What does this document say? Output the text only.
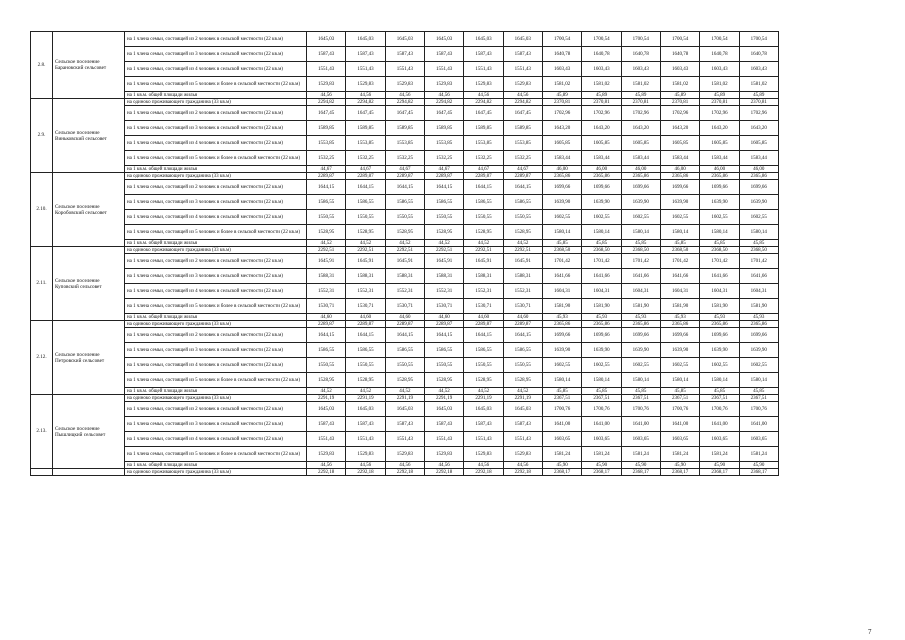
2.8.	Сельское поселение Барановский сельсовет	на 1 члена семьи, состоящей из 2 человек в сельской местности (22 кв.м)	1645,03	1645,03	1645,03	1645,03	1645,03	1645,03	1700,54	1700,54	1700,54	1700,54	1700,54	1700,54
		на 1 члена семьи, состоящей из 3 человек в сельской местности (22 кв.м)	1587,43	1587,43	1587,43	1587,43	1587,43	1587,43	1640,78	1640,78	1640,78	1640,78	1640,78	1640,78
		на 1 члена семьи, состоящей из 4 человек в сельской местности (22 кв.м)	1551,43	1551,43	1551,43	1551,43	1551,43	1551,43	1603,43	1603,43	1603,43	1603,43	1603,43	1603,43
		на 1 члена семьи, состоящей из 5 человек и более в сельской местности (22 кв.м)	1529,83	1529,83	1529,83	1529,83	1529,83	1529,83	1581,02	1581,02	1581,02	1581,02	1581,02	1581,02
		на 1 кв.м. общей площади жилья	44,56	44,56	44,56	44,56	44,56	44,56	45,89	45,89	45,89	45,89	45,89	45,89
2.9.	Сельское поселение Виньковский сельсовет	на одиноко проживающего гражданина (33 кв.м)	2294,82	2294,82	2294,82	2294,82	2294,82	2294,82	2370,81	2370,81	2370,81	2370,81	2370,81	2370,81
		на 1 члена семьи, состоящей из 2 человек в сельской местности (22 кв.м)	1647,45	1647,45	1647,45	1647,45	1647,45	1647,45	1702,96	1702,96	1702,96	1702,96	1702,96	1702,96
		на 1 члена семьи, состоящей из 3 человек в сельской местности (22 кв.м)	1589,85	1589,85	1589,85	1589,85	1589,85	1589,85	1643,20	1643,20	1643,20	1643,20	1643,20	1643,20
		на 1 члена семьи, состоящей из 4 человек в сельской местности (22 кв.м)	1553,85	1553,85	1553,85	1553,85	1553,85	1553,85	1605,85	1605,85	1605,85	1605,85	1605,85	1605,85
		на 1 члена семьи, состоящей из 5 человек и более в сельской местности (22 кв.м)	1532,25	1532,25	1532,25	1532,25	1532,25	1532,25	1583,44	1583,44	1583,44	1583,44	1583,44	1583,44
		на 1 кв.м. общей площади жилья	44,67	44,67	44,67	44,67	44,67	44,67	46,00	46,00	46,00	46,00	46,00	46,00
2.10.	Сельское поселение Коробовский сельсовет	на одиноко проживающего гражданина (33 кв.м)	2289,87	2289,87	2289,87	2289,87	2289,87	2289,87	2365,86	2365,86	2365,86	2365,86	2365,86	2365,86
		на 1 члена семьи, состоящей из 2 человек в сельской местности (22 кв.м)	1644,15	1644,15	1644,15	1644,15	1644,15	1644,15	1699,66	1699,66	1699,66	1699,66	1699,66	1699,66
		на 1 члена семьи, состоящей из 3 человек в сельской местности (22 кв.м)	1586,55	1586,55	1586,55	1586,55	1586,55	1586,55	1639,90	1639,90	1639,90	1639,90	1639,90	1639,90
		на 1 члена семьи, состоящей из 4 человек в сельской местности (22 кв.м)	1550,55	1550,55	1550,55	1550,55	1550,55	1550,55	1602,55	1602,55	1602,55	1602,55	1602,55	1602,55
		на 1 члена семьи, состоящей из 5 человек и более в сельской местности (22 кв.м)	1528,95	1528,95	1528,95	1528,95	1528,95	1528,95	1580,14	1580,14	1580,14	1580,14	1580,14	1580,14
		на 1 кв.м. общей площади жилья	44,52	44,52	44,52	44,52	44,52	44,52	45,85	45,85	45,85	45,85	45,85	45,85
2.11.	Сельское поселение Куповский сельсовет	на одиноко проживающего гражданина (33 кв.м)	2292,51	2292,51	2292,51	2292,51	2292,51	2292,51	2368,50	2368,50	2368,50	2368,50	2368,50	2368,50
		на 1 члена семьи, состоящей из 2 человек в сельской местности (22 кв.м)	1645,91	1645,91	1645,91	1645,91	1645,91	1645,91	1701,42	1701,42	1701,42	1701,42	1701,42	1701,42
		на 1 члена семьи, состоящей из 3 человек в сельской местности (22 кв.м)	1588,31	1588,31	1588,31	1588,31	1588,31	1588,31	1641,66	1641,66	1641,66	1641,66	1641,66	1641,66
		на 1 члена семьи, состоящей из 4 человек в сельской местности (22 кв.м)	1552,31	1552,31	1552,31	1552,31	1552,31	1552,31	1604,31	1604,31	1604,31	1604,31	1604,31	1604,31
		на 1 члена семьи, состоящей из 5 человек и более в сельской местности (22 кв.м)	1530,71	1530,71	1530,71	1530,71	1530,71	1530,71	1581,90	1581,90	1581,90	1581,90	1581,90	1581,90
		на 1 кв.м. общей площади жилья	44,60	44,60	44,60	44,60	44,60	44,60	45,93	45,93	45,93	45,93	45,93	45,93
2.12.	Сельское поселение Петровский сельсовет	на одиноко проживающего гражданина (33 кв.м)	2289,87	2289,87	2289,87	2289,87	2289,87	2289,87	2365,86	2365,86	2365,86	2365,86	2365,86	2365,86
		на 1 члена семьи, состоящей из 2 человек в сельской местности (22 кв.м)	1644,15	1644,15	1644,15	1644,15	1644,15	1644,15	1699,66	1699,66	1699,66	1699,66	1699,66	1699,66
		на 1 члена семьи, состоящей из 3 человек в сельской местности (22 кв.м)	1586,55	1586,55	1586,55	1586,55	1586,55	1586,55	1639,90	1639,90	1639,90	1639,90	1639,90	1639,90
		на 1 члена семьи, состоящей из 4 человек в сельской местности (22 кв.м)	1550,55	1550,55	1550,55	1550,55	1550,55	1550,55	1602,55	1602,55	1602,55	1602,55	1602,55	1602,55
		на 1 члена семьи, состоящей из 5 человек и более в сельской местности (22 кв.м)	1528,95	1528,95	1528,95	1528,95	1528,95	1528,95	1580,14	1580,14	1580,14	1580,14	1580,14	1580,14
		на 1 кв.м. общей площади жилья	44,52	44,52	44,52	44,52	44,52	44,52	45,85	45,85	45,85	45,85	45,85	45,85
2.13.	Сельское поселение Пышлицкий сельсовет	на одиноко проживающего гражданина (33 кв.м)	2291,19	2291,19	2291,19	2291,19	2291,19	2291,19	2367,51	2367,51	2367,51	2367,51	2367,51	2367,51
		на 1 члена семьи, состоящей из 2 человек в сельской местности (22 кв.м)	1645,03	1645,03	1645,03	1645,03	1645,03	1645,03	1700,76	1700,76	1700,76	1700,76	1700,76	1700,76
		на 1 члена семьи, состоящей из 3 человек в сельской местности (22 кв.м)	1587,43	1587,43	1587,43	1587,43	1587,43	1587,43	1641,00	1641,00	1641,00	1641,00	1641,00	1641,00
		на 1 члена семьи, состоящей из 4 человек в сельской местности (22 кв.м)	1551,43	1551,43	1551,43	1551,43	1551,43	1551,43	1603,65	1603,65	1603,65	1603,65	1603,65	1603,65
		на 1 члена семьи, состоящей из 5 человек и более в сельской местности (22 кв.м)	1529,83	1529,83	1529,83	1529,83	1529,83	1529,83	1581,24	1581,24	1581,24	1581,24	1581,24	1581,24
		на 1 кв.м. общей площади жилья	44,56	44,56	44,56	44,56	44,56	44,56	45,90	45,90	45,90	45,90	45,90	45,90
		на одиноко проживающего гражданина (33 кв.м)	2292,18	2292,18	2292,18	2292,18	2292,18	2292,18	2368,17	2368,17	2368,17	2368,17	2368,17	2368,17
7
